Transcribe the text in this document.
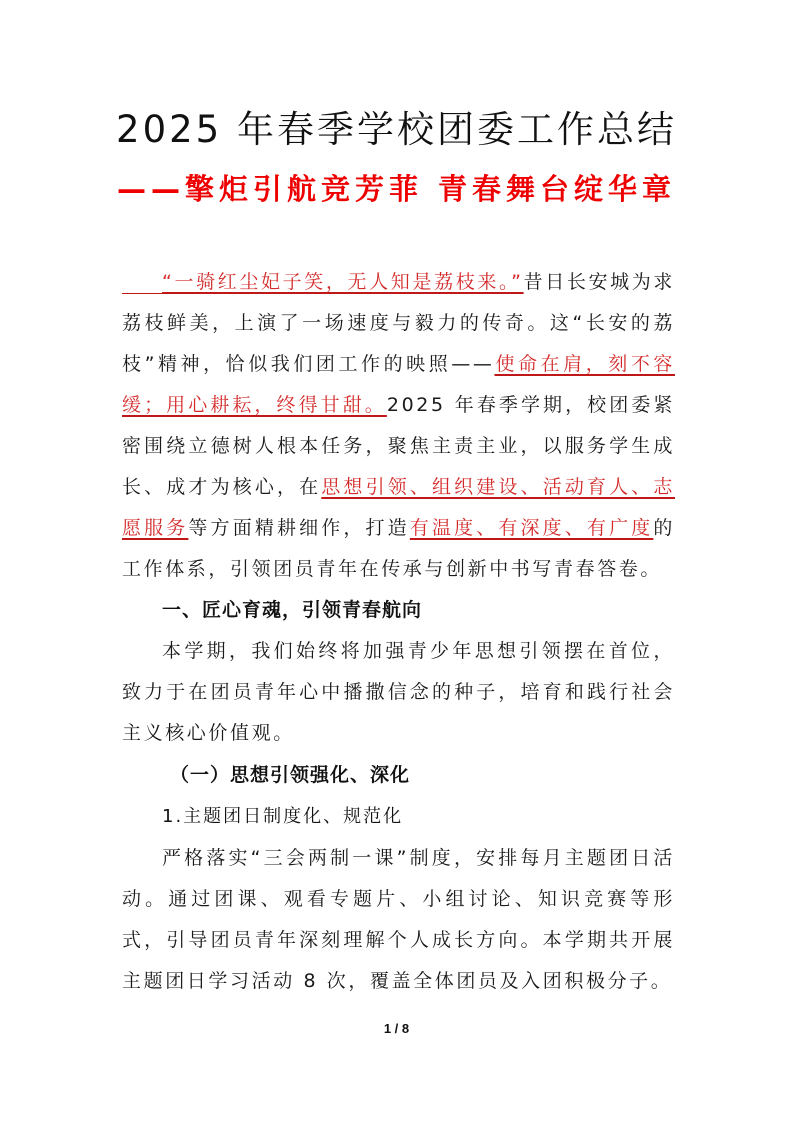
2025 年春季学校团委工作总结
——擎炬引航竞芳菲 青春舞台绽华章

“一骑红尘妃子笑，无人知是荔枝来。”昔日长安城为求荔枝鲜美，上演了一场速度与毅力的传奇。这“长安的荔枝”精神，恰似我们团工作的映照——使命在肩，刻不容缓；用心耕耘，终得甘甜。2025 年春季学期，校团委紧密围绕立德树人根本任务，聚焦主责主业，以服务学生成长、成才为核心，在思想引领、组织建设、活动育人、志愿服务等方面精耕细作，打造有温度、有深度、有广度的工作体系，引领团员青年在传承与创新中书写青春答卷。

一、匠心育魂，引领青春航向

本学期，我们始终将加强青少年思想引领摆在首位，致力于在团员青年心中播撒信念的种子，培育和践行社会主义核心价值观。

（一）思想引领强化、深化
1.主题团日制度化、规范化

严格落实“三会两制一课”制度，安排每月主题团日活动。通过团课、观看专题片、小组讨论、知识竞赛等形式，引导团员青年深刻理解个人成长方向。本学期共开展主题团日学习活动 8 次，覆盖全体团员及入团积极分子。

1 / 8
